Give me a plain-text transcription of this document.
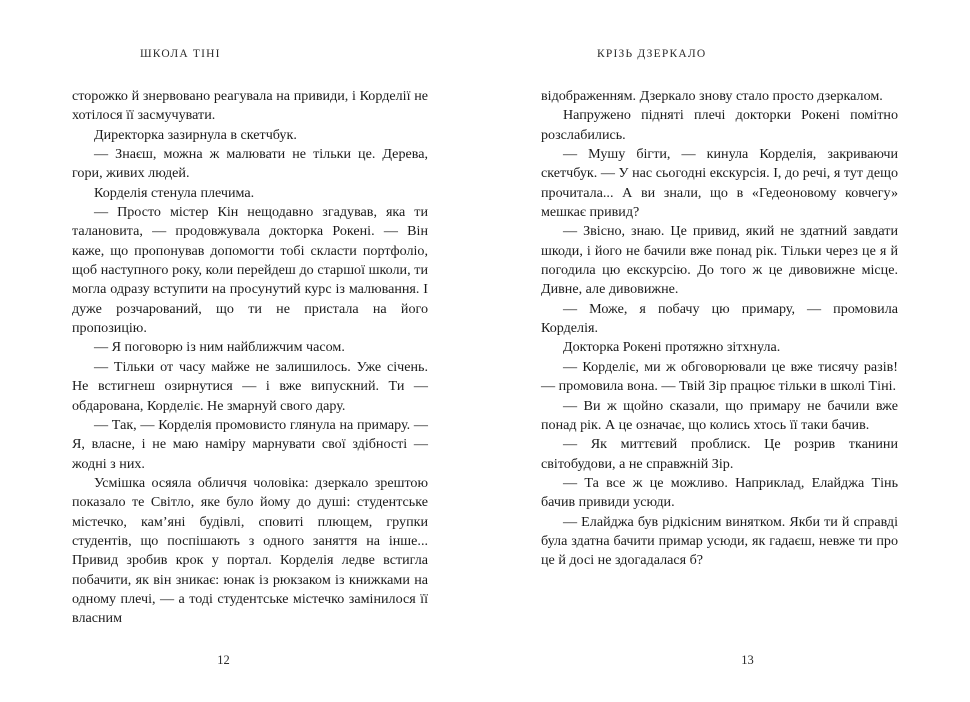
ШКОЛА ТІНІ

сторожко й знервовано реагувала на привиди, і Корделії не хотілося її засмучувати.

Директорка зазирнула в скетчбук.

— Знаєш, можна ж малювати не тільки це. Дерева, гори, живих людей.

Корделія стенула плечима.

— Просто містер Кін нещодавно згадував, яка ти талановита, — продовжувала докторка Рокені. — Він каже, що пропонував допомогти тобі скласти портфоліо, щоб наступного року, коли перейдеш до старшої школи, ти могла одразу вступити на просунутий курс із малювання. І дуже розчарований, що ти не пристала на його пропозицію.

— Я поговорю із ним найближчим часом.

— Тільки от часу майже не залишилось. Уже січень. Не встигнеш озирнутися — і вже випускний. Ти — обдарована, Корделіє. Не змарнуй свого дару.

— Так, — Корделія промовисто глянула на примару. — Я, власне, і не маю наміру марнувати свої здібності — жодні з них.

Усмішка осяяла обличчя чоловіка: дзеркало зрештою показало те Світло, яке було йому до душі: студентське містечко, кам’яні будівлі, сповиті плющем, групки студентів, що поспішають з одного заняття на інше... Привид зробив крок у портал. Корделія ледве встигла побачити, як він зникає: юнак із рюкзаком із книжками на одному плечі, — а тоді студентське містечко замінилося її власним

12
КРІЗЬ ДЗЕРКАЛО

відображенням. Дзеркало знову стало просто дзеркалом.

Напружено підняті плечі докторки Рокені помітно розслабились.

— Мушу бігти, — кинула Корделія, закриваючи скетчбук. — У нас сьогодні екскурсія. І, до речі, я тут дещо прочитала... А ви знали, що в «Гедеоновому ковчегу» мешкає привид?

— Звісно, знаю. Це привид, який не здатний завдати шкоди, і його не бачили вже понад рік. Тільки через це я й погодила цю екскурсію. До того ж це дивовижне місце. Дивне, але дивовижне.

— Може, я побачу цю примару, — промовила Корделія.

Докторка Рокені протяжно зітхнула.

— Корделіє, ми ж обговорювали це вже тисячу разів! — промовила вона. — Твій Зір працює тільки в школі Тіні.

— Ви ж щойно сказали, що примару не бачили вже понад рік. А це означає, що колись хтось її таки бачив.

— Як миттєвий проблиск. Це розрив тканини світобудови, а не справжній Зір.

— Та все ж це можливо. Наприклад, Елайджа Тінь бачив привиди усюди.

— Елайджа був рідкісним винятком. Якби ти й справді була здатна бачити примар усюди, як гадаєш, невже ти про це й досі не здогадалася б?

13
